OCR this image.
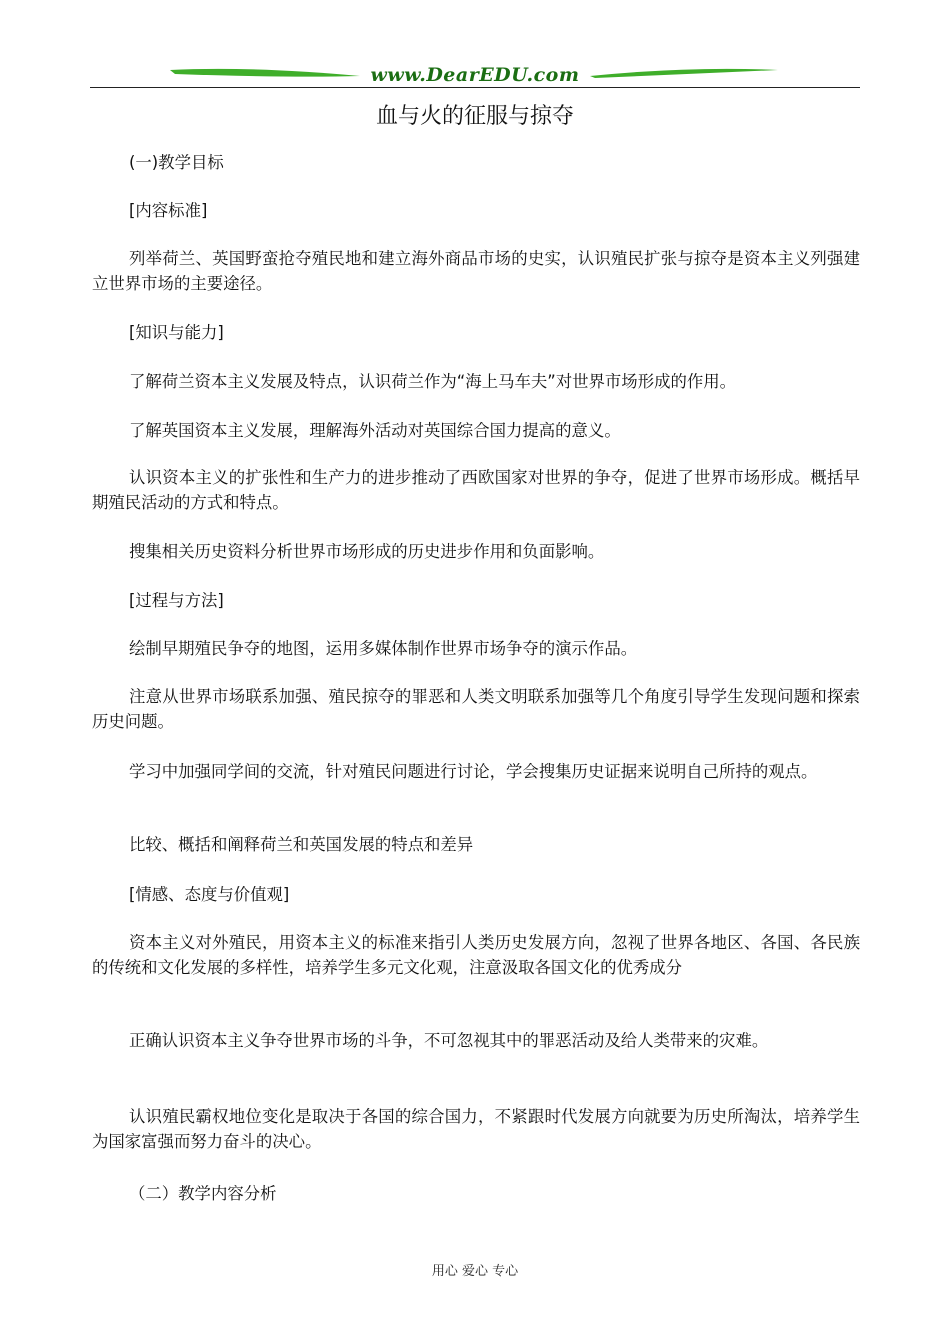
www.DearEDU.com
血与火的征服与掠夺
(一)教学目标
[内容标准]
列举荷兰、英国野蛮抢夺殖民地和建立海外商品市场的史实，认识殖民扩张与掠夺是资本主义列强建立世界市场的主要途径。
[知识与能力]
了解荷兰资本主义发展及特点，认识荷兰作为“海上马车夫”对世界市场形成的作用。
了解英国资本主义发展，理解海外活动对英国综合国力提高的意义。
认识资本主义的扩张性和生产力的进步推动了西欧国家对世界的争夺，促进了世界市场形成。概括早期殖民活动的方式和特点。
搜集相关历史资料分析世界市场形成的历史进步作用和负面影响。
[过程与方法]
绘制早期殖民争夺的地图，运用多媒体制作世界市场争夺的演示作品。
注意从世界市场联系加强、殖民掠夺的罪恶和人类文明联系加强等几个角度引导学生发现问题和探索历史问题。
学习中加强同学间的交流，针对殖民问题进行讨论，学会搜集历史证据来说明自己所持的观点。
比较、概括和阐释荷兰和英国发展的特点和差异
[情感、态度与价值观]
资本主义对外殖民，用资本主义的标准来指引人类历史发展方向，忽视了世界各地区、各国、各民族的传统和文化发展的多样性，培养学生多元文化观，注意汲取各国文化的优秀成分
正确认识资本主义争夺世界市场的斗争，不可忽视其中的罪恶活动及给人类带来的灾难。
认识殖民霸权地位变化是取决于各国的综合国力，不紧跟时代发展方向就要为历史所淘汰，培养学生为国家富强而努力奋斗的决心。
（二）教学内容分析
用心 爱心 专心
